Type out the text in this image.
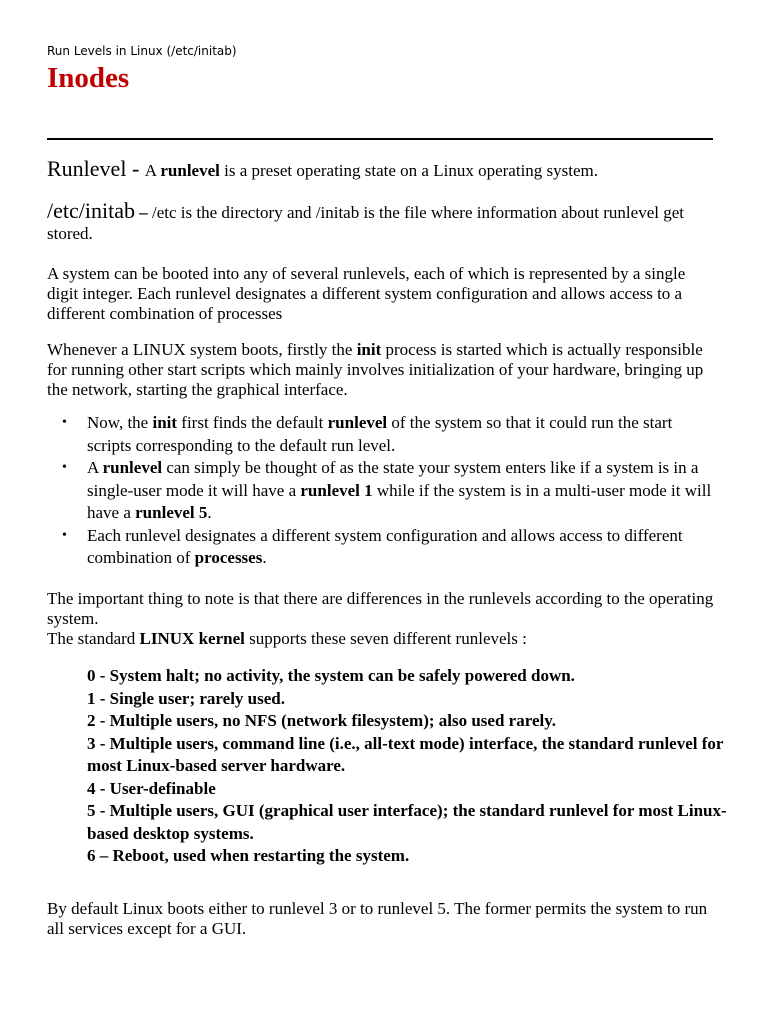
Run Levels in Linux (/etc/initab)
Inodes

Runlevel - A runlevel is a preset operating state on a Linux operating system.

/etc/initab – /etc is the directory and /initab is the file where information about runlevel get stored.

A system can be booted into any of several runlevels, each of which is represented by a single digit integer. Each runlevel designates a different system configuration and allows access to a different combination of processes

Whenever a LINUX system boots, firstly the init process is started which is actually responsible for running other start scripts which mainly involves initialization of your hardware, bringing up the network, starting the graphical interface.

• Now, the init first finds the default runlevel of the system so that it could run the start scripts corresponding to the default run level.
• A runlevel can simply be thought of as the state your system enters like if a system is in a single-user mode it will have a runlevel 1 while if the system is in a multi-user mode it will have a runlevel 5.
• Each runlevel designates a different system configuration and allows access to different combination of processes.

The important thing to note is that there are differences in the runlevels according to the operating system.
The standard LINUX kernel supports these seven different runlevels :

0 - System halt; no activity, the system can be safely powered down.
1 - Single user; rarely used.
2 - Multiple users, no NFS (network filesystem); also used rarely.
3 - Multiple users, command line (i.e., all-text mode) interface, the standard runlevel for most Linux-based server hardware.
4 - User-definable
5 - Multiple users, GUI (graphical user interface); the standard runlevel for most Linux-based desktop systems.
6 – Reboot, used when restarting the system.

By default Linux boots either to runlevel 3 or to runlevel 5. The former permits the system to run all services except for a GUI.
